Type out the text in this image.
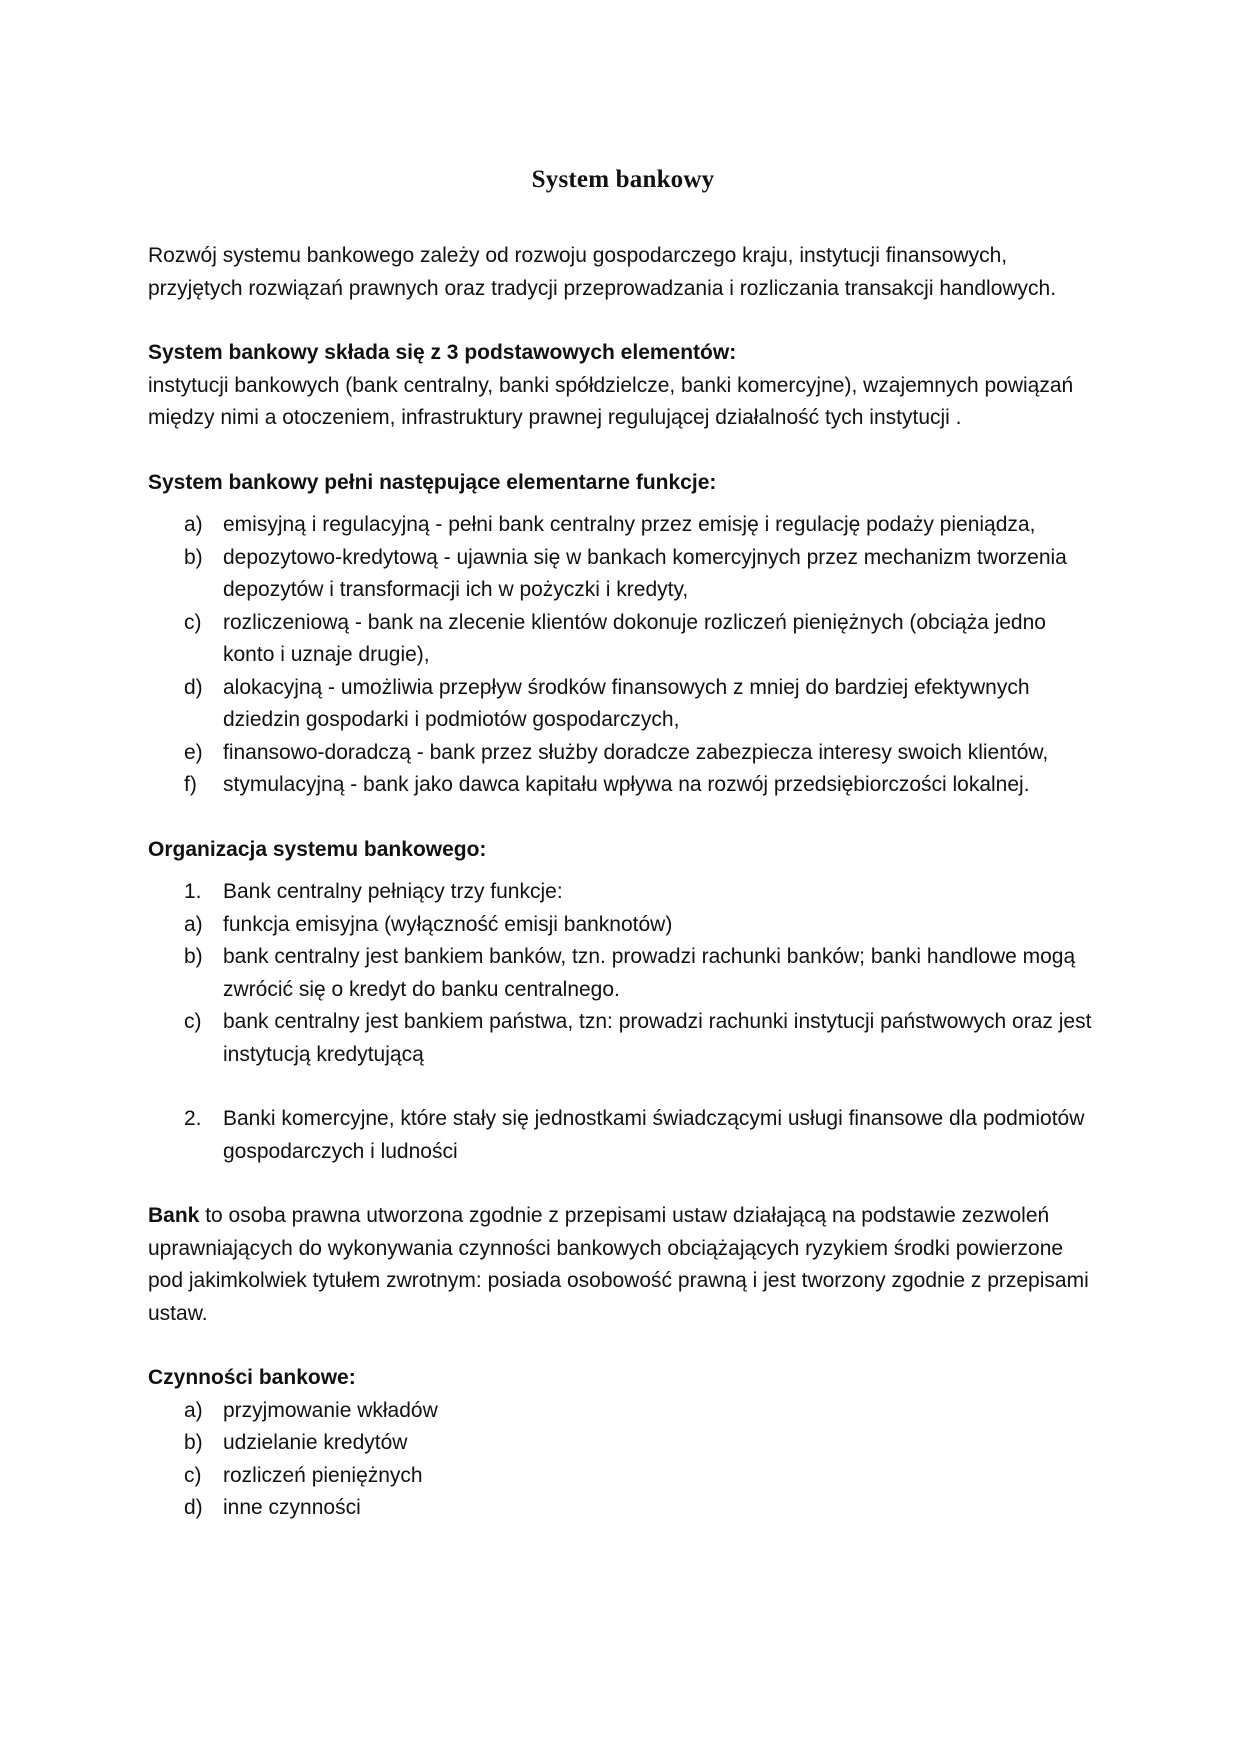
System bankowy

Rozwój systemu bankowego zależy od rozwoju gospodarczego kraju, instytucji finansowych, przyjętych rozwiązań prawnych oraz tradycji przeprowadzania i rozliczania transakcji handlowych.

System bankowy składa się z 3 podstawowych elementów:

instytucji bankowych (bank centralny, banki spółdzielcze, banki komercyjne), wzajemnych powiązań między nimi a otoczeniem, infrastruktury prawnej regulującej działalność tych instytucji .

System bankowy pełni następujące elementarne funkcje:

a) emisyjną i regulacyjną - pełni bank centralny przez emisję i regulację podaży pieniądza,
b) depozytowo-kredytową - ujawnia się w bankach komercyjnych przez mechanizm tworzenia depozytów i transformacji ich w pożyczki i kredyty,
c)	rozliczeniową - bank na zlecenie klientów dokonuje rozliczeń pieniężnych (obciąża jedno konto i uznaje drugie),
d) alokacyjną - umożliwia przepływ środków finansowych z mniej do bardziej efektywnych dziedzin gospodarki i podmiotów gospodarczych,
e) finansowo-doradczą - bank przez służby doradcze zabezpiecza interesy swoich klientów,
f)	stymulacyjną - bank jako dawca kapitału wpływa na rozwój przedsiębiorczości lokalnej.

Organizacja systemu bankowego:

1.	Bank centralny pełniący trzy funkcje:
a) funkcja emisyjna (wyłączność emisji banknotów)
b) bank centralny jest bankiem banków, tzn. prowadzi rachunki banków; banki handlowe mogą zwrócić się o kredyt do banku centralnego.
c)	bank centralny jest bankiem państwa, tzn: prowadzi rachunki instytucji państwowych oraz jest instytucją kredytującą
2.	Banki komercyjne, które stały się jednostkami świadczącymi usługi finansowe dla podmiotów gospodarczych i ludności

Bank to osoba prawna utworzona zgodnie z przepisami ustaw działającą na podstawie zezwoleń uprawniających do wykonywania czynności bankowych obciążających ryzykiem środki powierzone pod jakimkolwiek tytułem zwrotnym: posiada osobowość prawną i jest tworzony zgodnie z przepisami ustaw.

Czynności bankowe:

a) przyjmowanie wkładów
b) udzielanie kredytów
c)	rozliczeń pieniężnych
d) inne czynności
